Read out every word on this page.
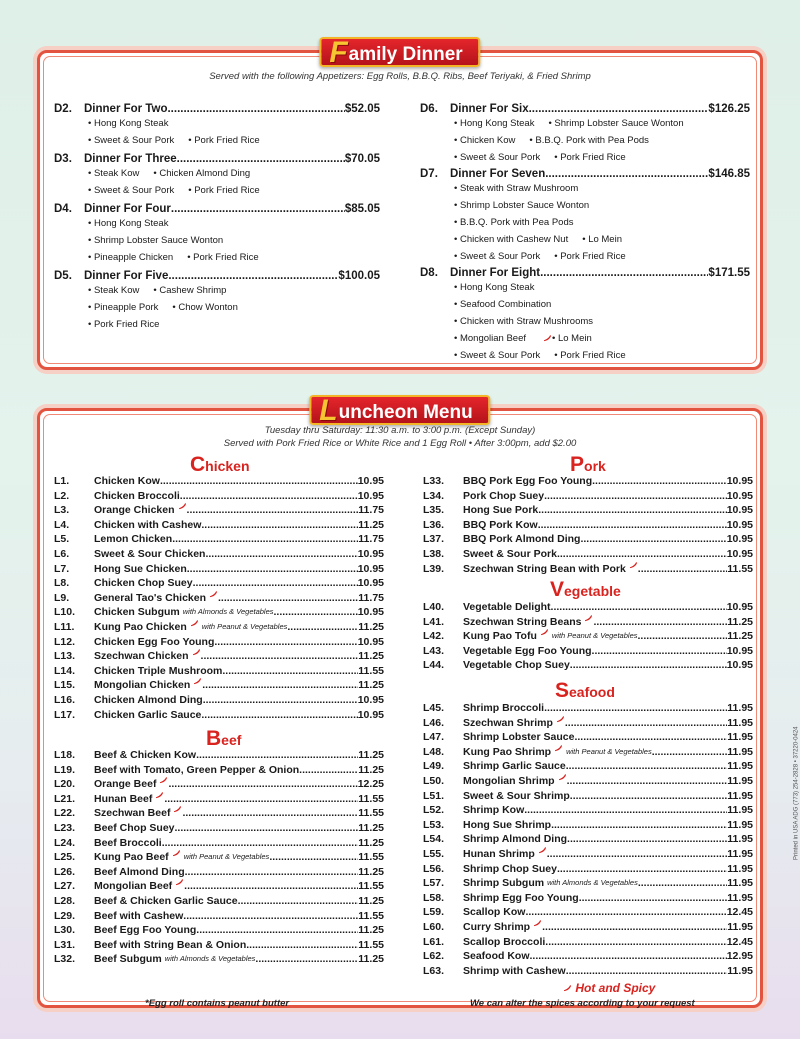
Family Dinner
Served with the following Appetizers: Egg Rolls, B.B.Q. Ribs, Beef Teriyaki, & Fried Shrimp
D2.	Dinner For Two .....	$52.05
• Hong Kong Steak
• Sweet & Sour Pork • Pork Fried Rice
D3.	Dinner For Three .....	$70.05
• Steak Kow • Chicken Almond Ding
• Sweet & Sour Pork • Pork Fried Rice
D4.	Dinner For Four .....	$85.05
• Hong Kong Steak
• Shrimp Lobster Sauce Wonton
• Pineapple Chicken • Pork Fried Rice
D5.	Dinner For Five .....	$100.05
• Steak Kow • Cashew Shrimp
• Pineapple Pork • Chow Wonton
• Pork Fried Rice
D6.	Dinner For Six .....	$126.25
• Hong Kong Steak • Shrimp Lobster Sauce Wonton
• Chicken Kow • B.B.Q. Pork with Pea Pods
• Sweet & Sour Pork • Pork Fried Rice
D7.	Dinner For Seven .....	$146.85
• Steak with Straw Mushroom
• Shrimp Lobster Sauce Wonton
• B.B.Q. Pork with Pea Pods
• Chicken with Cashew Nut • Lo Mein
• Sweet & Sour Pork • Pork Fried Rice
D8.	Dinner For Eight .....	$171.55
• Hong Kong Steak
• Seafood Combination
• Chicken with Straw Mushrooms
• Mongolian Beef	• Lo Mein
• Sweet & Sour Pork • Pork Fried Rice
Luncheon Menu
Tuesday thru Saturday: 11:30 a.m. to 3:00 p.m. (Except Sunday)
Served with Pork Fried Rice or White Rice and 1 Egg Roll • After 3:00pm, add $2.00
Chicken
L1.	Chicken Kow .....	10.95
L2.	Chicken Broccoli .....	10.95
L3.	Orange Chicken .....	11.75
L4.	Chicken with Cashew .....	11.25
L5.	Lemon Chicken .....	11.75
L6.	Sweet & Sour Chicken .....	10.95
L7.	Hong Sue Chicken .....	10.95
L8.	Chicken Chop Suey .....	10.95
L9.	General Tao's Chicken .....	11.75
L10.	Chicken Subgum with Almonds & Vegetables .....	10.95
L11.	Kung Pao Chicken with Peanut & Vegetables .....	11.25
L12.	Chicken Egg Foo Young .....	10.95
L13.	Szechwan Chicken .....	11.25
L14.	Chicken Triple Mushroom .....	11.55
L15.	Mongolian Chicken .....	11.25
L16.	Chicken Almond Ding .....	10.95
L17.	Chicken Garlic Sauce .....	10.95
Beef
L18.	Beef & Chicken Kow .....	11.25
L19.	Beef with Tomato, Green Pepper & Onion .....	11.25
L20.	Orange Beef .....	12.25
L21.	Hunan Beef .....	11.55
L22.	Szechwan Beef .....	11.55
L23.	Beef Chop Suey .....	11.25
L24.	Beef Broccoli .....	11.25
L25.	Kung Pao Beef with Peanut & Vegetables .....	11.55
L26.	Beef Almond Ding .....	11.25
L27.	Mongolian Beef .....	11.55
L28.	Beef & Chicken Garlic Sauce .....	11.25
L29.	Beef with Cashew .....	11.55
L30.	Beef Egg Foo Young .....	11.25
L31.	Beef with String Bean & Onion .....	11.55
L32.	Beef Subgum with Almonds & Vegetables .....	11.25
Pork
L33.	BBQ Pork Egg Foo Young .....	10.95
L34.	Pork Chop Suey .....	10.95
L35.	Hong Sue Pork .....	10.95
L36.	BBQ Pork Kow .....	10.95
L37.	BBQ Pork Almond Ding .....	10.95
L38.	Sweet & Sour Pork .....	10.95
L39.	Szechwan String Bean with Pork .....	11.55
Vegetable
L40.	Vegetable Delight .....	10.95
L41.	Szechwan String Beans .....	11.25
L42.	Kung Pao Tofu with Peanut & Vegetables .....	11.25
L43.	Vegetable Egg Foo Young .....	10.95
L44.	Vegetable Chop Suey .....	10.95
Seafood
L45.	Shrimp Broccoli .....	11.95
L46.	Szechwan Shrimp .....	11.95
L47.	Shrimp Lobster Sauce .....	11.95
L48.	Kung Pao Shrimp with Peanut & Vegetables .....	11.95
L49.	Shrimp Garlic Sauce .....	11.95
L50.	Mongolian Shrimp .....	11.95
L51.	Sweet & Sour Shrimp .....	11.95
L52.	Shrimp Kow .....	11.95
L53.	Hong Sue Shrimp .....	11.95
L54.	Shrimp Almond Ding .....	11.95
L55.	Hunan Shrimp .....	11.95
L56.	Shrimp Chop Suey .....	11.95
L57.	Shrimp Subgum with Almonds & Vegetables .....	11.95
L58.	Shrimp Egg Foo Young .....	11.95
L59.	Scallop Kow .....	12.45
L60.	Curry Shrimp .....	11.95
L61.	Scallop Broccoli .....	12.45
L62.	Seafood Kow .....	12.95
L63.	Shrimp with Cashew .....	11.95
Hot and Spicy
*Egg roll contains peanut butter	We can alter the spices according to your request
Printed in USA ADG (773) 254-2828 • 37220-0424
